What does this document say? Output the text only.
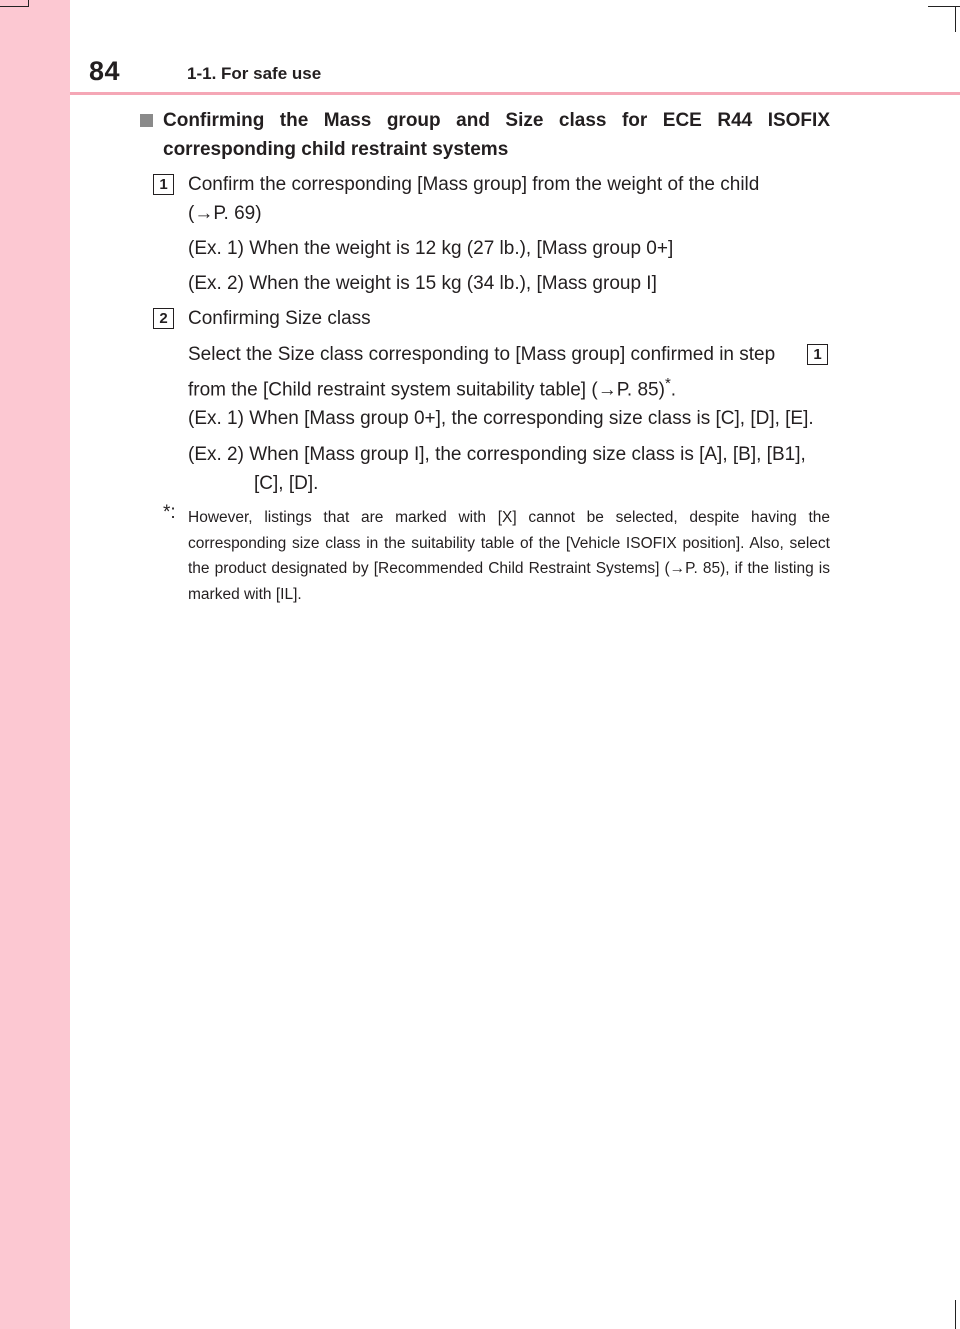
84	1-1. For safe use
Confirming the Mass group and Size class for ECE R44 ISOFIX corresponding child restraint systems
1	Confirm the corresponding [Mass group] from the weight of the child
(→P. 69)
(Ex. 1) When the weight is 12 kg (27 lb.), [Mass group 0+]
(Ex. 2) When the weight is 15 kg (34 lb.), [Mass group I]
2	Confirming Size class
Select the Size class corresponding to [Mass group] confirmed in step	1
from the [Child restraint system suitability table] (→P. 85)*.
(Ex. 1) When [Mass group 0+], the corresponding size class is [C], [D], [E].
(Ex. 2) When [Mass group I], the corresponding size class is [A], [B], [B1],
[C], [D].
*: However, listings that are marked with [X] cannot be selected, despite having the corresponding size class in the suitability table of the [Vehicle ISOFIX position]. Also, select the product designated by [Recommended Child Restraint Systems] (→P. 85), if the listing is marked with [IL].
